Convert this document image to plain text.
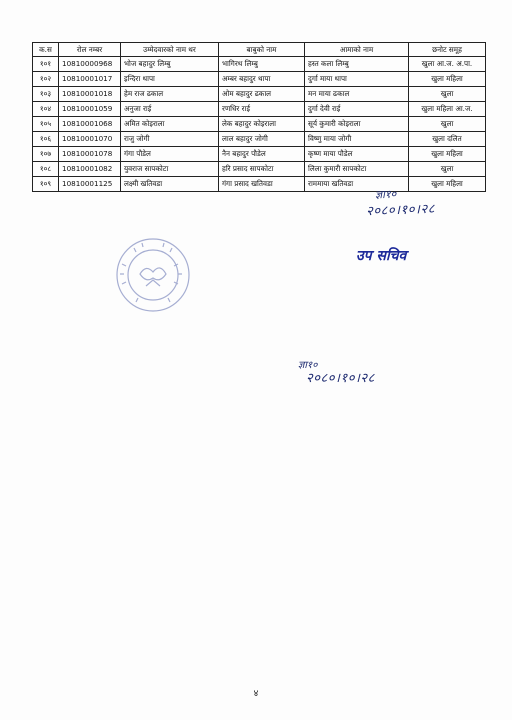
क.स	रोल नम्बर	उम्मेदवारको नाम थर	बाबुको नाम	आमाको नाम	छनोट समूह
१०१	10810000968	भोज बहादुर लिम्बु	भागिरथ लिम्बु	हस्त कला लिम्बु	खुला आ.ज. अ.पा.
१०२	10810001017	इन्दिरा थापा	अम्बर बहादुर थापा	दुर्गा माया थापा	खुला महिला
१०३	10810001018	हेम राज ढकाल	ओम बहादुर ढकाल	मन माया ढकाल	खुला
१०४	10810001059	अनुजा राई	रणधिर राई	दुर्गा देवी राई	खुला महिला आ.ज.
१०५	10810001068	अमित कोइराला	लेक बहादुर कोइराला	सूर्य कुमारी कोइराला	खुला
१०६	10810001070	राजु जोगी	लाल बहादुर जोगी	विष्णु माया जोगी	खुला दलित
१०७	10810001078	गंगा पौडेल	नैन बहादुर पौडेल	कृष्ण माया पौडेल	खुला महिला
१०८	10810001082	युवराज सापकोटा	हरि प्रसाद सापकोटा	लिला कुमारी सापकोटा	खुला
१०९	10810001125	लक्ष्मी खतिवडा	गंगा प्रसाद खतिवडा	राममाया खतिवडा	खुला महिला
ज्ञा१०
२०८०।१०।२८
उप सचिव
ज्ञा१०
२०८०।१०।२८
४
